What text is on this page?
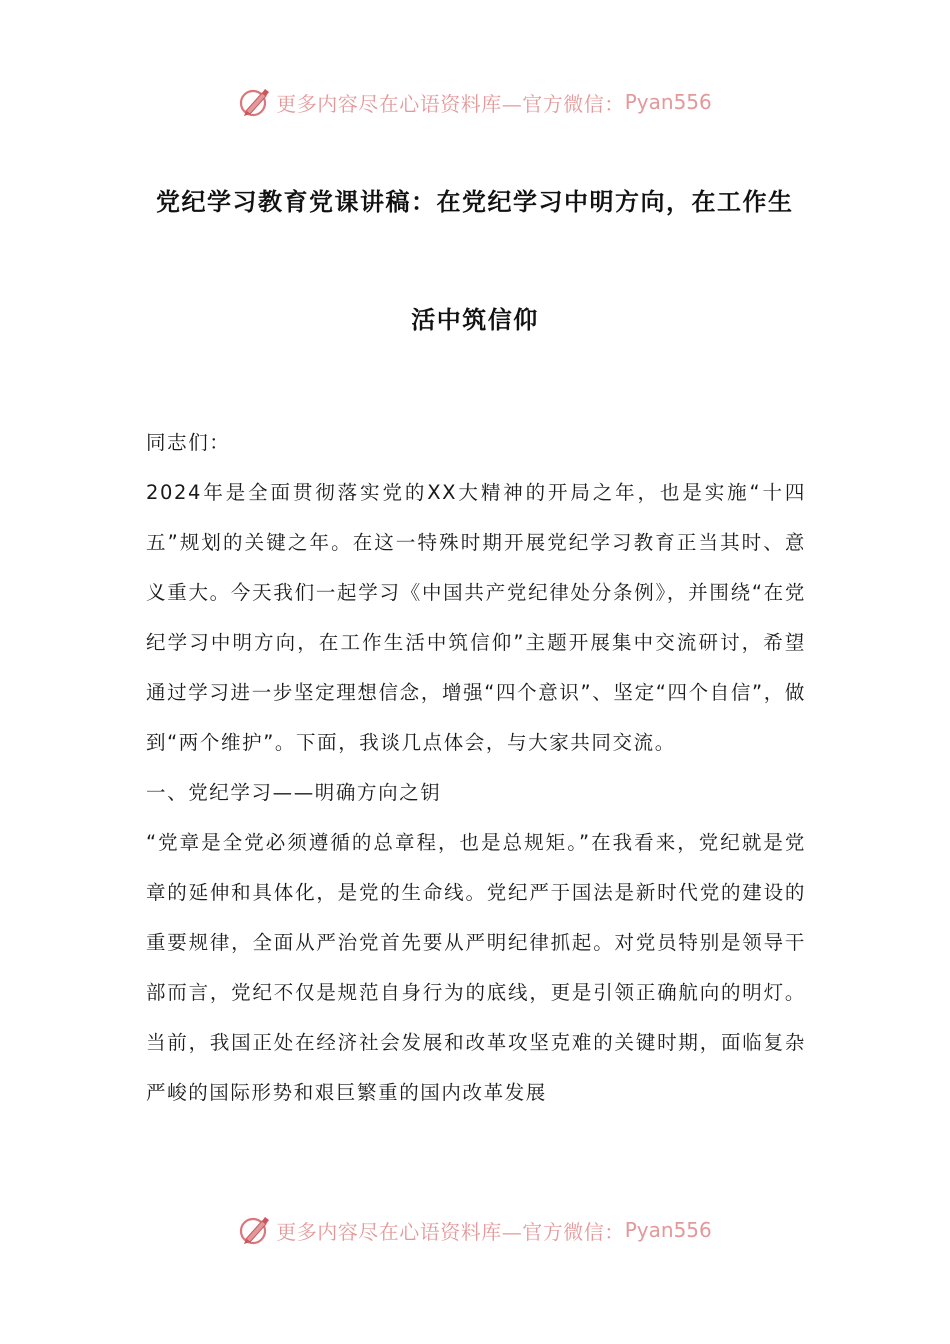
更多内容尽在心语资料库—官方微信： Pyan556
党纪学习教育党课讲稿：在党纪学习中明方向，在工作生
活中筑信仰

同志们：

2024年是全面贯彻落实党的XX大精神的开局之年，也是实施“十四五”规划的关键之年。在这一特殊时期开展党纪学习教育正当其时、意义重大。今天我们一起学习《中国共产党纪律处分条例》，并围绕“在党纪学习中明方向，在工作生活中筑信仰”主题开展集中交流研讨，希望通过学习进一步坚定理想信念，增强“四个意识”、坚定“四个自信”，做到“两个维护”。下面，我谈几点体会，与大家共同交流。

一、党纪学习——明确方向之钥

“党章是全党必须遵循的总章程，也是总规矩。”在我看来，党纪就是党章的延伸和具体化，是党的生命线。党纪严于国法是新时代党的建设的重要规律，全面从严治党首先要从严明纪律抓起。对党员特别是领导干部而言，党纪不仅是规范自身行为的底线，更是引领正确航向的明灯。当前，我国正处在经济社会发展和改革攻坚克难的关键时期，面临复杂严峻的国际形势和艰巨繁重的国内改革发展

更多内容尽在心语资料库—官方微信： Pyan556
